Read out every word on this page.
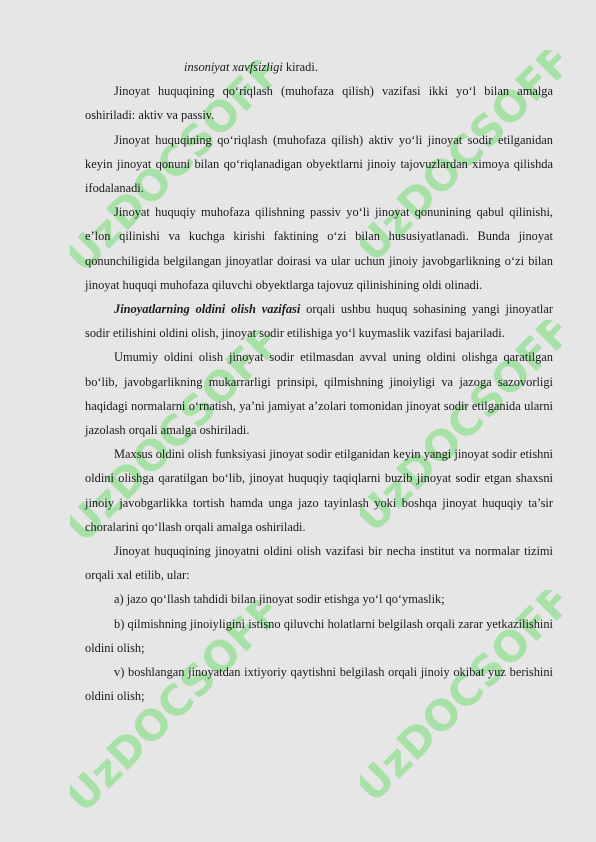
UzDOCSOFF UzDOCSOFF
UzDOCSOFF UzDOCSOFF
UzDOCSOFF UzDOCSOFF

insoniyat xavfsizligi kiradi.

Jinoyat huquqining qo‘riqlash (muhofaza qilish) vazifasi ikki yo‘l bilan amalga oshiriladi: aktiv va passiv.

Jinoyat huquqining qo‘riqlash (muhofaza qilish) aktiv yo‘li jinoyat sodir etilganidan keyin jinoyat qonuni bilan qo‘riqlanadigan obyektlarni jinoiy tajovuzlardan ximoya qilishda ifodalanadi.

Jinoyat huquqiy muhofaza qilishning passiv yo‘li jinoyat qonunining qabul qilinishi, e’lon qilinishi va kuchga kirishi faktining o‘zi bilan hususiyatlanadi. Bunda jinoyat qonunchiligida belgilangan jinoyatlar doirasi va ular uchun jinoiy javobgarlikning o‘zi bilan jinoyat huquqi muhofaza qiluvchi obyektlarga tajovuz qilinishining oldi olinadi.

Jinoyatlarning oldini olish vazifasi orqali ushbu huquq sohasining yangi jinoyatlar sodir etilishini oldini olish, jinoyat sodir etilishiga yo‘l kuymaslik vazifasi bajariladi.

Umumiy oldini olish jinoyat sodir etilmasdan avval uning oldini olishga qaratilgan bo‘lib, javobgarlikning mukarrarligi prinsipi, qilmishning jinoiyligi va jazoga sazovorligi haqidagi normalarni o‘rnatish, ya’ni jamiyat a’zolari tomonidan jinoyat sodir etilganida ularni jazolash orqali amalga oshiriladi.

Maxsus oldini olish funksiyasi jinoyat sodir etilganidan keyin yangi jinoyat sodir etishni oldini olishga qaratilgan bo‘lib, jinoyat huquqiy taqiqlarni buzib jinoyat sodir etgan shaxsni jinoiy javobgarlikka tortish hamda unga jazo tayinlash yoki boshqa jinoyat huquqiy ta’sir choralarini qo‘llash orqali amalga oshiriladi.

Jinoyat huquqining jinoyatni oldini olish vazifasi bir necha institut va normalar tizimi orqali xal etilib, ular:

a) jazo qo‘llash tahdidi bilan jinoyat sodir etishga yo‘l qo‘ymaslik;

b) qilmishning jinoiyligini istisno qiluvchi holatlarni belgilash orqali zarar yetkazilishini oldini olish;

v) boshlangan jinoyatdan ixtiyoriy qaytishni belgilash orqali jinoiy okibat yuz berishini oldini olish;
